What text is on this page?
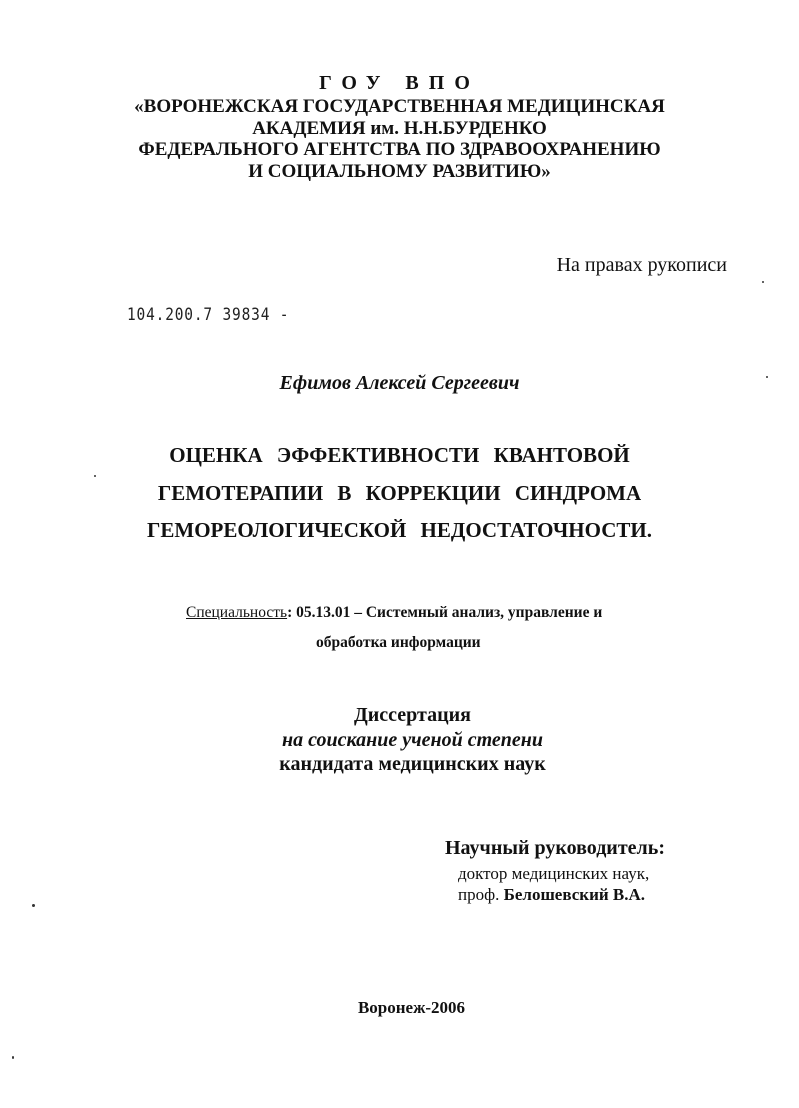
ГОУ ВПО
«ВОРОНЕЖСКАЯ ГОСУДАРСТВЕННАЯ МЕДИЦИНСКАЯ
АКАДЕМИЯ им. Н.Н.БУРДЕНКО
ФЕДЕРАЛЬНОГО АГЕНТСТВА ПО ЗДРАВООХРАНЕНИЮ
И СОЦИАЛЬНОМУ РАЗВИТИЮ»
На правах рукописи
104.200.7 39834 -
Ефимов Алексей Сергеевич
ОЦЕНКА ЭФФЕКТИВНОСТИ КВАНТОВОЙ
ГЕМОТЕРАПИИ В КОРРЕКЦИИ СИНДРОМА
ГЕМОРЕОЛОГИЧЕСКОЙ НЕДОСТАТОЧНОСТИ.
Специальность: 05.13.01 – Системный анализ, управление и
обработка информации
Диссертация
на соискание ученой степени
кандидата медицинских наук
Научный руководитель:
доктор медицинских наук,
проф. Белошевский В.А.
Воронеж-2006
